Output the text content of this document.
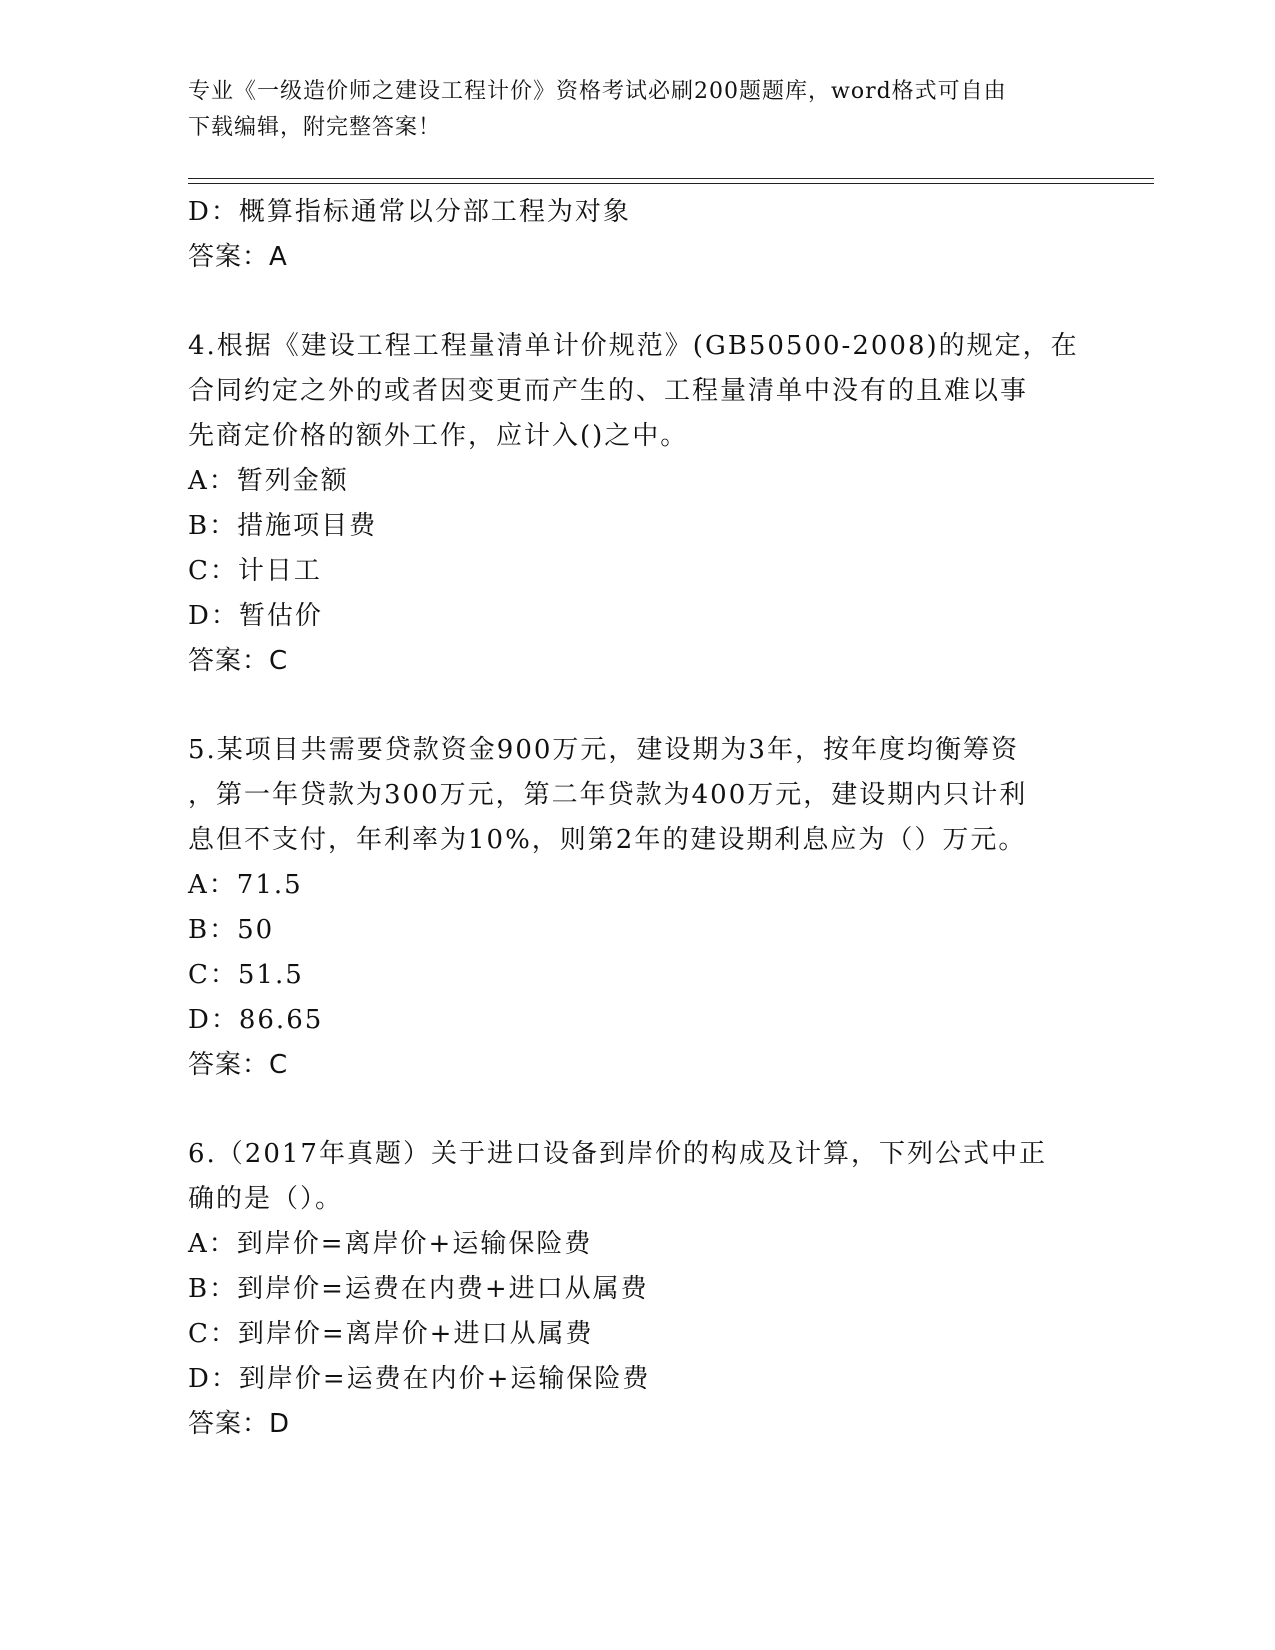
专业《一级造价师之建设工程计价》资格考试必刷200题题库，word格式可自由
下载编辑，附完整答案！
D：概算指标通常以分部工程为对象
答案：A

4.根据《建设工程工程量清单计价规范》(GB50500-2008)的规定，在

合同约定之外的或者因变更而产生的、工程量清单中没有的且难以事

先商定价格的额外工作，应计入()之中。

A：暂列金额
B：措施项目费
C：计日工
D：暂估价
答案：C

5.某项目共需要贷款资金900万元，建设期为3年，按年度均衡筹资

，第一年贷款为300万元，第二年贷款为400万元，建设期内只计利

息但不支付，年利率为10%，则第2年的建设期利息应为（）万元。

A：71.5
B：50
C：51.5
D：86.65
答案：C

6.（2017年真题）关于进口设备到岸价的构成及计算，下列公式中正

确的是（）。

A：到岸价=离岸价+运输保险费
B：到岸价=运费在内费+进口从属费
C：到岸价=离岸价+进口从属费
D：到岸价=运费在内价+运输保险费
答案：D
